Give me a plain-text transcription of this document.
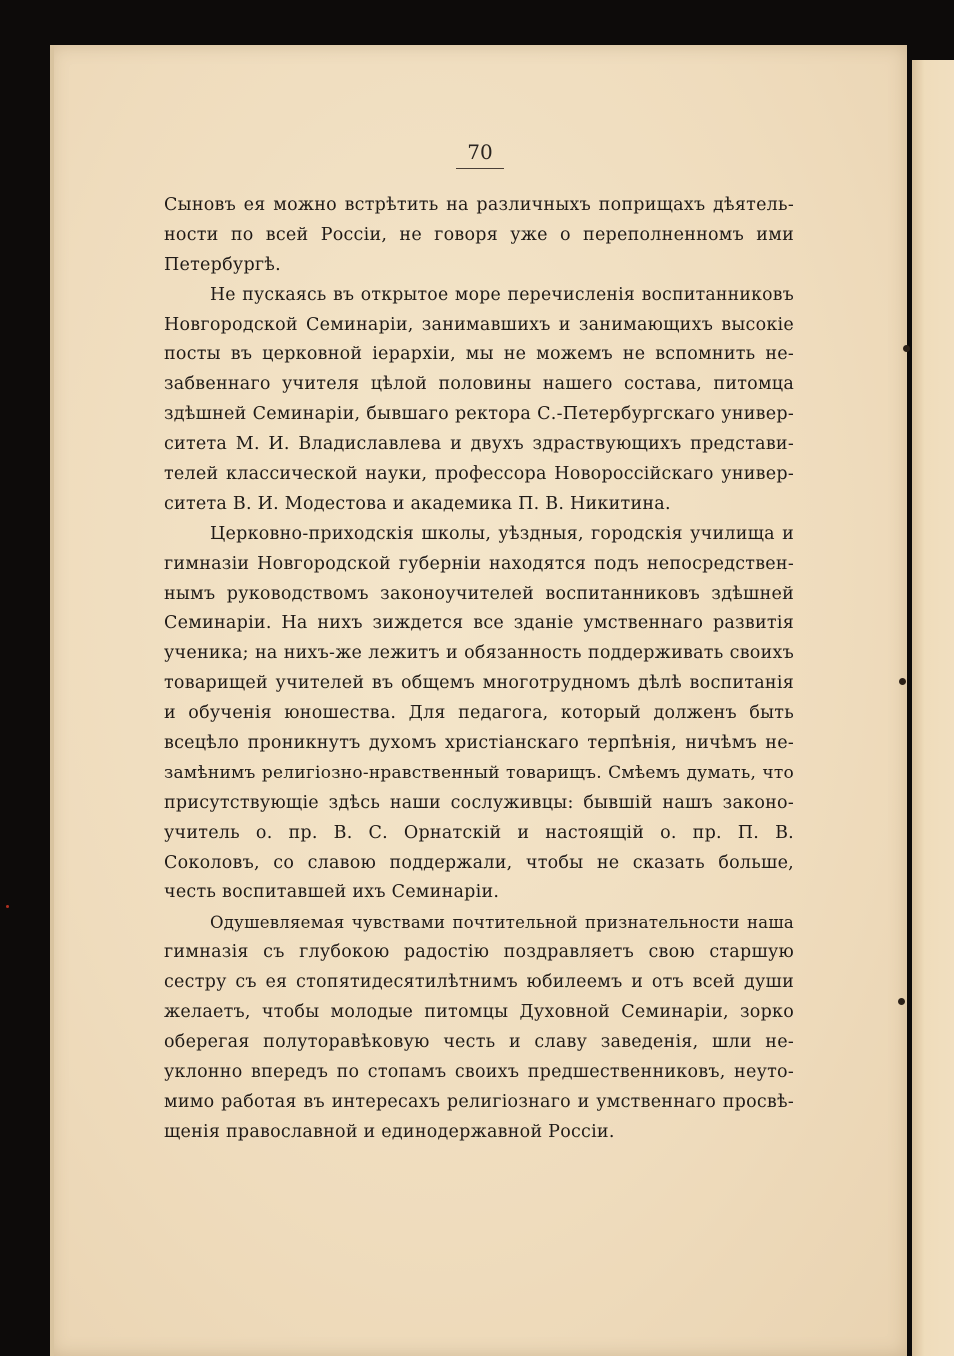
70
Сыновъ ея можно встрѣтить на различныхъ поприщахъ дѣятель-
ности по всей Россіи, не говоря уже о переполненномъ ими
Петербургѣ.
Не пускаясь въ открытое море перечисленія воспитанниковъ
Новгородской Семинаріи, занимавшихъ и занимающихъ высокіе
посты въ церковной іерархіи, мы не можемъ не вспомнить не-
забвеннаго учителя цѣлой половины нашего состава, питомца
здѣшней Семинаріи, бывшаго ректора С.-Петербургскаго универ-
ситета М. И. Владиславлева и двухъ здраствующихъ представи-
телей классической науки, профессора Новороссійскаго универ-
ситета В. И. Модестова и академика П. В. Никитина.
Церковно-приходскія школы, уѣздныя, городскія училища и
гимназіи Новгородской губерніи находятся подъ непосредствен-
нымъ руководствомъ законоучителей воспитанниковъ здѣшней
Семинаріи. На нихъ зиждется все зданіе умственнаго развитія
ученика; на нихъ-же лежитъ и обязанность поддерживать своихъ
товарищей учителей въ общемъ многотрудномъ дѣлѣ воспитанія
и обученія юношества. Для педагога, который долженъ быть
всецѣло проникнутъ духомъ христіанскаго терпѣнія, ничѣмъ не-
замѣнимъ религіозно-нравственный товарищъ. Смѣемъ думать, что
присутствующіе здѣсь наши сослуживцы: бывшій нашъ законо-
учитель о. пр. В. С. Орнатскій и настоящій о. пр. П. В.
Соколовъ, со славою поддержали, чтобы не сказать больше,
честь воспитавшей ихъ Семинаріи.
Одушевляемая чувствами почтительной признательности наша
гимназія съ глубокою радостію поздравляетъ свою старшую
сестру съ ея стопятидесятилѣтнимъ юбилеемъ и отъ всей души
желаетъ, чтобы молодые питомцы Духовной Семинаріи, зорко
оберегая полуторавѣковую честь и славу заведенія, шли не-
уклонно впередъ по стопамъ своихъ предшественниковъ, неуто-
мимо работая въ интересахъ религіознаго и умственнаго просвѣ-
щенія православной и единодержавной Россіи.
